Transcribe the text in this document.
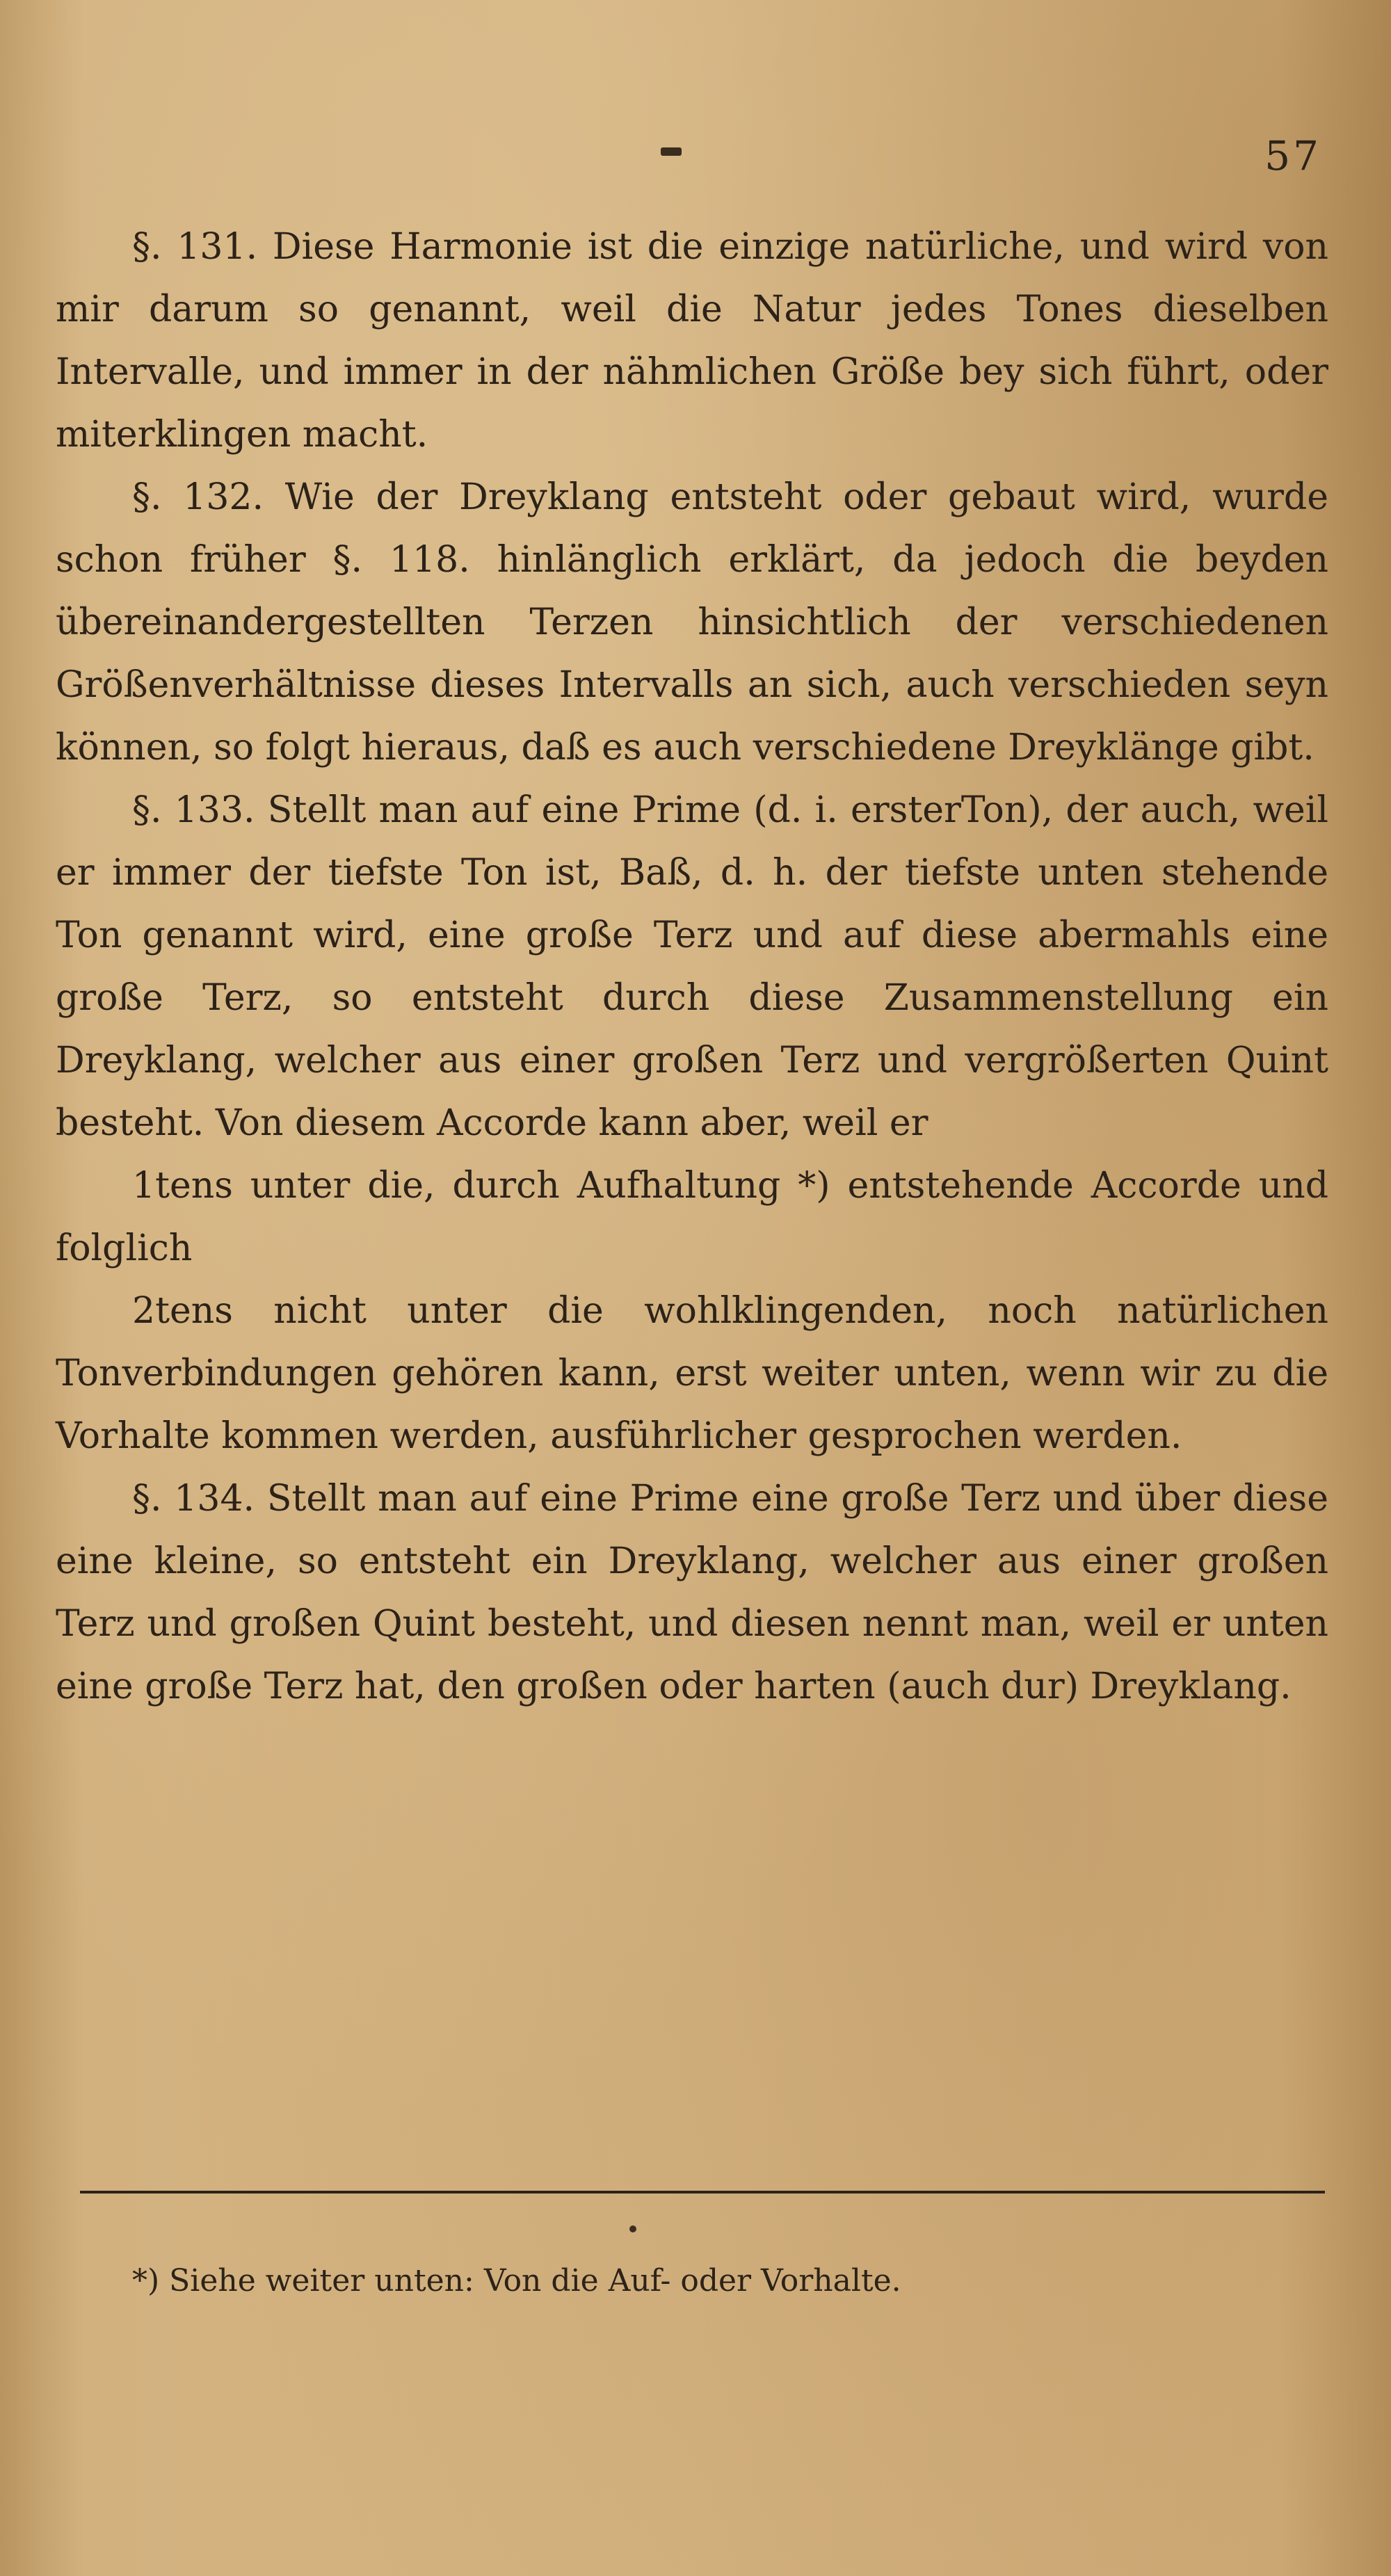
57

§. 131. Diese Harmonie ist die einzige natürliche, und wird von mir darum so genannt, weil die Natur jedes Tones dieselben Intervalle, und immer in der nähmlichen Größe bey sich führt, oder miterklingen macht.

§. 132. Wie der Dreyklang entsteht oder gebaut wird, wurde schon früher §. 118. hinlänglich erklärt, da jedoch die beyden übereinandergestellten Terzen hinsichtlich der verschiedenen Größenverhältnisse dieses Intervalls an sich, auch verschieden seyn können, so folgt hieraus, daß es auch verschiedene Dreyklänge gibt.

§. 133. Stellt man auf eine Prime (d. i. ersterTon), der auch, weil er immer der tiefste Ton ist, Baß, d. h. der tiefste unten stehende Ton genannt wird, eine große Terz und auf diese abermahls eine große Terz, so entsteht durch diese Zusammenstellung ein Dreyklang, welcher aus einer großen Terz und vergrößerten Quint besteht. Von diesem Accorde kann aber, weil er

1tens unter die, durch Aufhaltung *) entstehende Accorde und folglich

2tens nicht unter die wohlklingenden, noch natürlichen Tonverbindungen gehören kann, erst weiter unten, wenn wir zu die Vorhalte kommen werden, ausführlicher gesprochen werden.

§. 134. Stellt man auf eine Prime eine große Terz und über diese eine kleine, so entsteht ein Dreyklang, welcher aus einer großen Terz und großen Quint besteht, und diesen nennt man, weil er unten eine große Terz hat, den großen oder harten (auch dur) Dreyklang.

*) Siehe weiter unten: Von die Auf- oder Vorhalte.
